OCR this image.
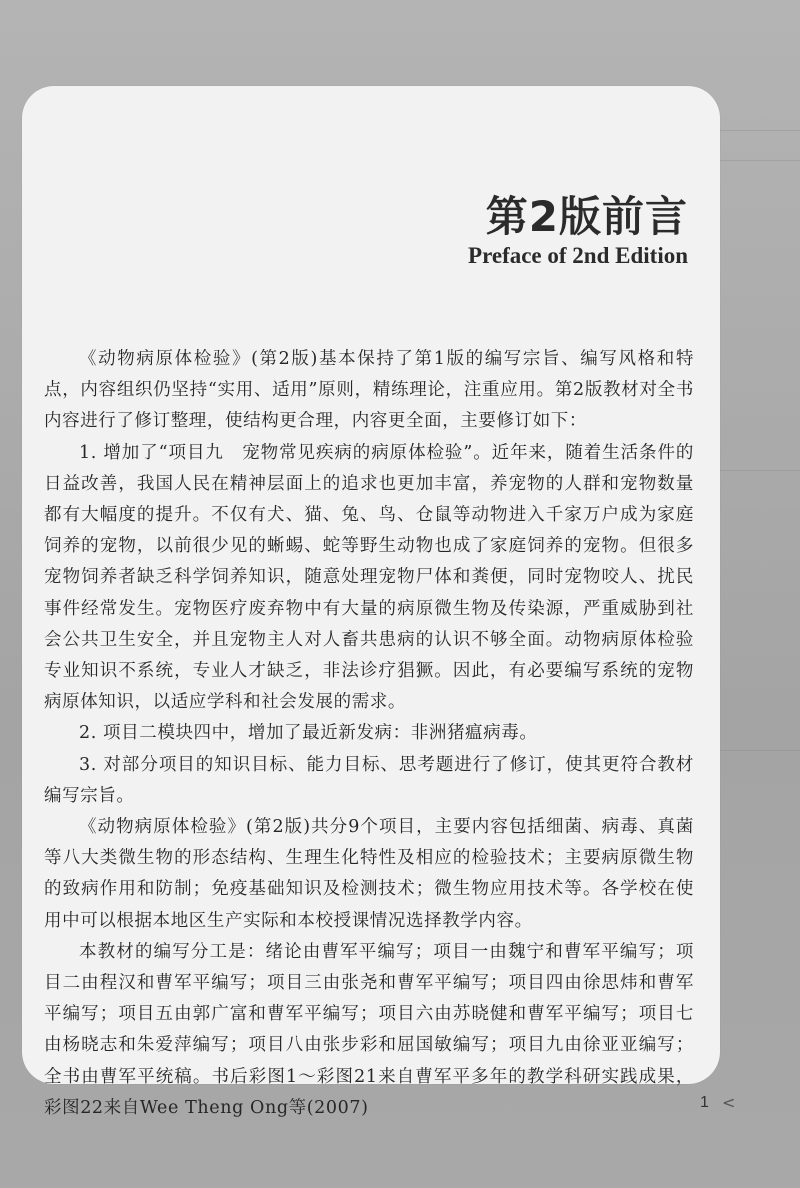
第2版前言
Preface of 2nd Edition

《动物病原体检验》(第2版)基本保持了第1版的编写宗旨、编写风格和特点，内容组织仍坚持“实用、适用”原则，精练理论，注重应用。第2版教材对全书内容进行了修订整理，使结构更合理，内容更全面，主要修订如下：

1. 增加了“项目九　宠物常见疾病的病原体检验”。近年来，随着生活条件的日益改善，我国人民在精神层面上的追求也更加丰富，养宠物的人群和宠物数量都有大幅度的提升。不仅有犬、猫、兔、鸟、仓鼠等动物进入千家万户成为家庭饲养的宠物，以前很少见的蜥蜴、蛇等野生动物也成了家庭饲养的宠物。但很多宠物饲养者缺乏科学饲养知识，随意处理宠物尸体和粪便，同时宠物咬人、扰民事件经常发生。宠物医疗废弃物中有大量的病原微生物及传染源，严重威胁到社会公共卫生安全，并且宠物主人对人畜共患病的认识不够全面。动物病原体检验专业知识不系统，专业人才缺乏，非法诊疗猖獗。因此，有必要编写系统的宠物病原体知识，以适应学科和社会发展的需求。

2. 项目二模块四中，增加了最近新发病：非洲猪瘟病毒。

3. 对部分项目的知识目标、能力目标、思考题进行了修订，使其更符合教材编写宗旨。

《动物病原体检验》(第2版)共分9个项目，主要内容包括细菌、病毒、真菌等八大类微生物的形态结构、生理生化特性及相应的检验技术；主要病原微生物的致病作用和防制；免疫基础知识及检测技术；微生物应用技术等。各学校在使用中可以根据本地区生产实际和本校授课情况选择教学内容。

本教材的编写分工是：绪论由曹军平编写；项目一由魏宁和曹军平编写；项目二由程汉和曹军平编写；项目三由张尧和曹军平编写；项目四由徐思炜和曹军平编写；项目五由郭广富和曹军平编写；项目六由苏晓健和曹军平编写；项目七由杨晓志和朱爱萍编写；项目八由张步彩和屈国敏编写；项目九由徐亚亚编写；全书由曹军平统稿。书后彩图1～彩图21来自曹军平多年的教学科研实践成果，彩图22来自Wee Theng Ong等(2007)	1 <
